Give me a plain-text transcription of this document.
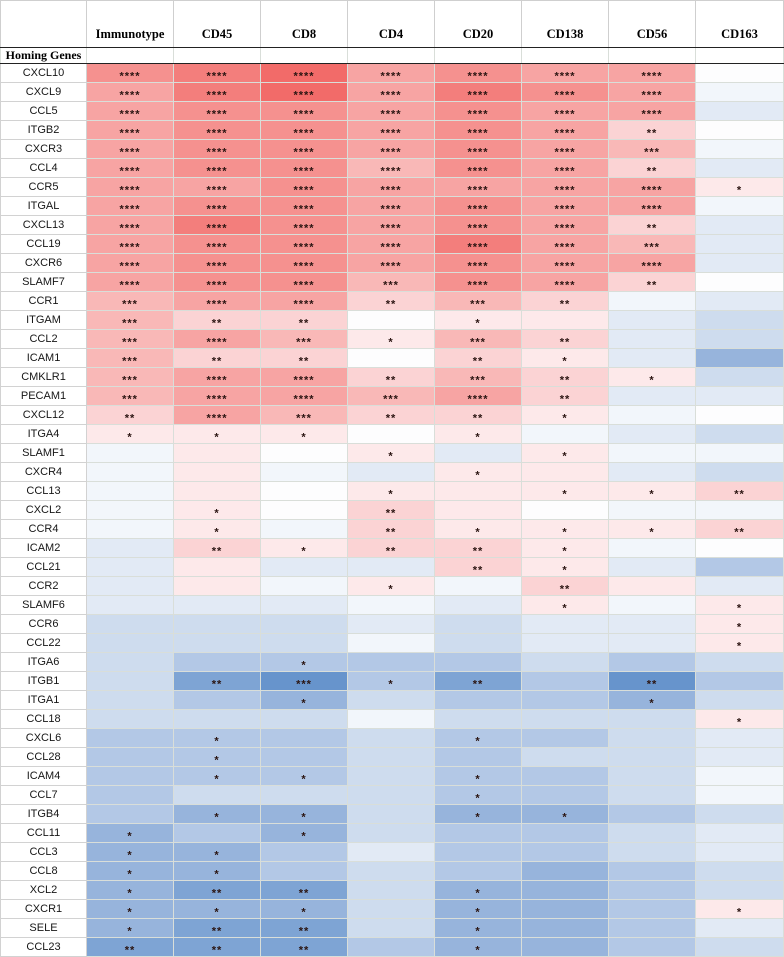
	Immunotype	CD45	CD8	CD4	CD20	CD138	CD56	CD163
Homing Genes								
CXCL10	****	****	****	****	****	****	****	
CXCL9	****	****	****	****	****	****	****	
CCL5	****	****	****	****	****	****	****	
ITGB2	****	****	****	****	****	****	**	
CXCR3	****	****	****	****	****	****	***	
CCL4	****	****	****	****	****	****	**	
CCR5	****	****	****	****	****	****	****	*
ITGAL	****	****	****	****	****	****	****	
CXCL13	****	****	****	****	****	****	**	
CCL19	****	****	****	****	****	****	***	
CXCR6	****	****	****	****	****	****	****	
SLAMF7	****	****	****	***	****	****	**	
CCR1	***	****	****	**	***	**		
ITGAM	***	**	**		*			
CCL2	***	****	***	*	***	**		
ICAM1	***	**	**		**	*		
CMKLR1	***	****	****	**	***	**	*	
PECAM1	***	****	****	***	****	**		
CXCL12	**	****	***	**	**	*		
ITGA4	*	*	*		*			
SLAMF1				*		*		
CXCR4					*			
CCL13				*		*	*	**
CXCL2		*		**				
CCR4		*		**	*	*	*	**
ICAM2		**	*	**	**	*		
CCL21					**	*		
CCR2				*		**		
SLAMF6						*		*
CCR6								*
CCL22								*
ITGA6			*					
ITGB1		**	***	*	**		**	
ITGA1			*				*	
CCL18								*
CXCL6		*			*			
CCL28		*						
ICAM4		*	*		*			
CCL7					*			
ITGB4		*	*		*	*		
CCL11	*		*					
CCL3	*	*						
CCL8	*	*						
XCL2	*	**	**		*			
CXCR1	*	*	*		*			*
SELE	*	**	**		*			
CCL23	**	**	**		*			
